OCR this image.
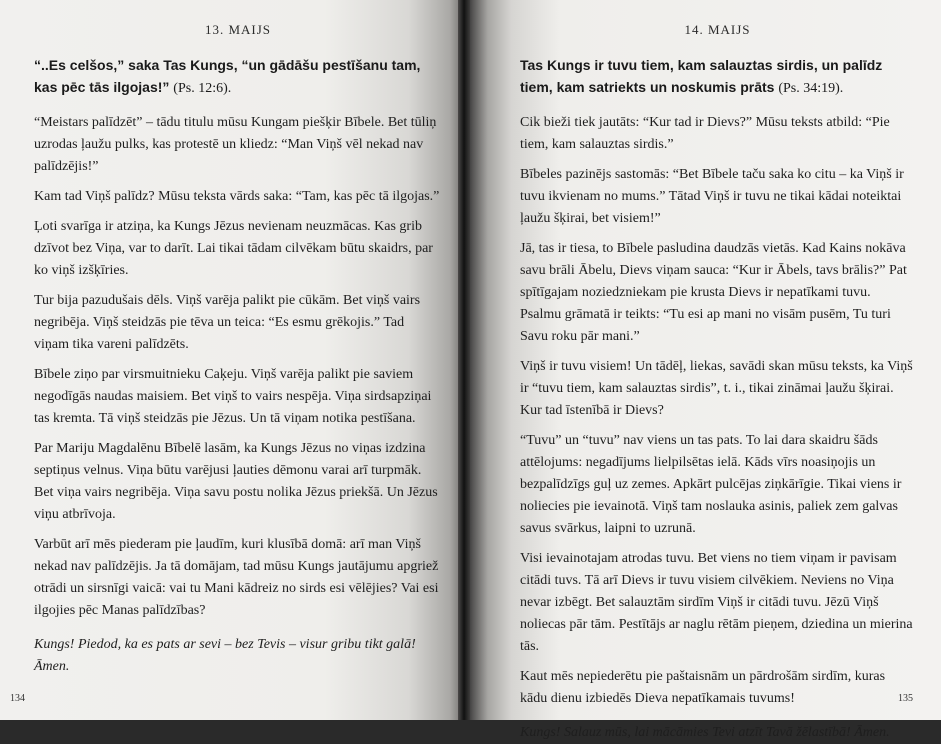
13. MAIJS

“..Es celšos,” saka Tas Kungs, “un gādāšu pestīšanu tam, kas pēc tās ilgojas!” (Ps. 12:6).

“Meistars palīdzēt” – tādu titulu mūsu Kungam piešķir Bībele. Bet tūliņ uzrodas ļaužu pulks, kas protestē un kliedz: “Man Viņš vēl nekad nav palīdzējis!”

Kam tad Viņš palīdz? Mūsu teksta vārds saka: “Tam, kas pēc tā ilgojas.”

Ļoti svarīga ir atziņa, ka Kungs Jēzus nevienam neuzmācas. Kas grib dzīvot bez Viņa, var to darīt. Lai tikai tādam cilvēkam būtu skaidrs, par ko viņš izšķīries.

Tur bija pazudušais dēls. Viņš varēja palikt pie cūkām. Bet viņš vairs negribēja. Viņš steidzās pie tēva un teica: “Es esmu grēkojis.” Tad viņam tika vareni palīdzēts.

Bībele ziņo par virsmuitnieku Caķeju. Viņš varēja palikt pie saviem negodīgās naudas maisiem. Bet viņš to vairs nespēja. Viņa sirdsapziņai tas kremta. Tā viņš steidzās pie Jēzus. Un tā viņam notika pestīšana.

Par Mariju Magdalēnu Bībelē lasām, ka Kungs Jēzus no viņas izdzina septiņus velnus. Viņa būtu varējusi ļauties dēmonu varai arī turpmāk. Bet viņa vairs negribēja. Viņa savu postu nolika Jēzus priekšā. Un Jēzus viņu atbrīvoja.

Varbūt arī mēs piederam pie ļaudīm, kuri klusībā domā: arī man Viņš nekad nav palīdzējis. Ja tā domājam, tad mūsu Kungs jautājumu apgriež otrādi un sirsnīgi vaicā: vai tu Mani kādreiz no sirds esi vēlējies? Vai esi ilgojies pēc Manas palīdzības?

Kungs! Piedod, ka es pats ar sevi – bez Tevis – visur gribu tikt galā! Āmen.

134
14. MAIJS

Tas Kungs ir tuvu tiem, kam salauztas sirdis, un palīdz tiem, kam satriekts un noskumis prāts (Ps. 34:19).

Cik bieži tiek jautāts: “Kur tad ir Dievs?” Mūsu teksts atbild: “Pie tiem, kam salauztas sirdis.”

Bībeles pazinējs sastomās: “Bet Bībele taču saka ko citu – ka Viņš ir tuvu ikvienam no mums.” Tātad Viņš ir tuvu ne tikai kādai noteiktai ļaužu šķirai, bet visiem!”

Jā, tas ir tiesa, to Bībele pasludina daudzās vietās. Kad Kains nokāva savu brāli Ābelu, Dievs viņam sauca: “Kur ir Ābels, tavs brālis?” Pat spītīgajam noziedzniekam pie krusta Dievs ir nepatīkami tuvu. Psalmu grāmatā ir teikts: “Tu esi ap mani no visām pusēm, Tu turi Savu roku pār mani.”

Viņš ir tuvu visiem! Un tādēļ, liekas, savādi skan mūsu teksts, ka Viņš ir “tuvu tiem, kam salauztas sirdis”, t. i., tikai zināmai ļaužu šķirai. Kur tad īstenībā ir Dievs?

“Tuvu” un “tuvu” nav viens un tas pats. To lai dara skaidru šāds attēlojums: negadījums lielpilsētas ielā. Kāds vīrs noasiņojis un bezpalīdzīgs guļ uz zemes. Apkārt pulcējas ziņkārīgie. Tikai viens ir noliecies pie ievainotā. Viņš tam noslauka asinis, paliek zem galvas savus svārkus, laipni to uzrunā.

Visi ievainotajam atrodas tuvu. Bet viens no tiem viņam ir pavisam citādi tuvs. Tā arī Dievs ir tuvu visiem cilvēkiem. Neviens no Viņa nevar izbēgt. Bet salauztām sirdīm Viņš ir citādi tuvu. Jēzū Viņš noliecas pār tām. Pestītājs ar naglu rētām pieņem, dziedina un mierina tās.

Kaut mēs nepiederētu pie paštaisnām un pārdrošām sirdīm, kuras kādu dienu izbiedēs Dieva nepatīkamais tuvums!

Kungs! Salauz mūs, lai mācāmies Tevi atzīt Tavā žēlastībā! Āmen.

135
